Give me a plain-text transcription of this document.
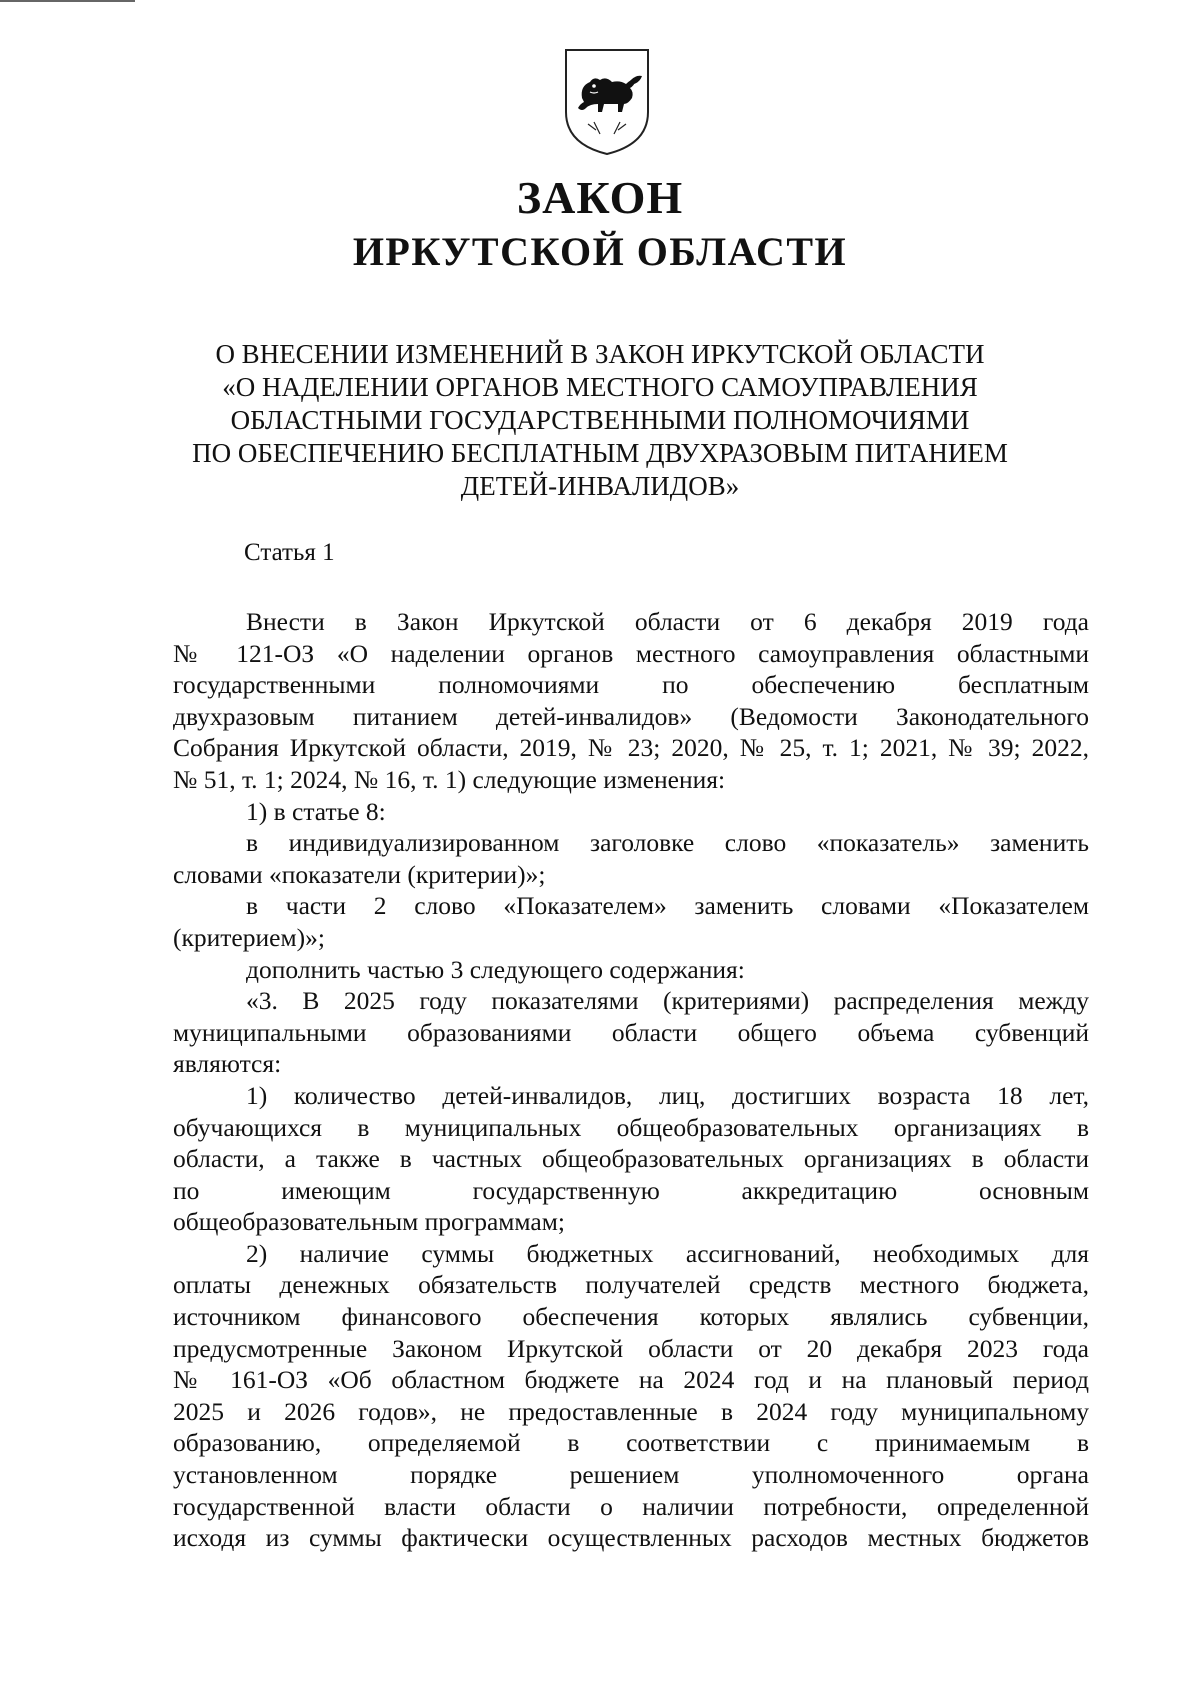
ЗАКОН
ИРКУТСКОЙ ОБЛАСТИ
О ВНЕСЕНИИ ИЗМЕНЕНИЙ В ЗАКОН ИРКУТСКОЙ ОБЛАСТИ
«О НАДЕЛЕНИИ ОРГАНОВ МЕСТНОГО САМОУПРАВЛЕНИЯ
ОБЛАСТНЫМИ ГОСУДАРСТВЕННЫМИ ПОЛНОМОЧИЯМИ
ПО ОБЕСПЕЧЕНИЮ БЕСПЛАТНЫМ ДВУХРАЗОВЫМ ПИТАНИЕМ
ДЕТЕЙ-ИНВАЛИДОВ»
Статья 1
Внести в Закон Иркутской области от 6 декабря 2019 года
№ 121-ОЗ «О наделении органов местного самоуправления областными
государственными полномочиями по обеспечению бесплатным
двухразовым питанием детей-инвалидов» (Ведомости Законодательного
Собрания Иркутской области, 2019, № 23; 2020, № 25, т. 1; 2021, № 39; 2022,
№ 51, т. 1; 2024, № 16, т. 1) следующие изменения:
1) в статье 8:
в индивидуализированном заголовке слово «показатель» заменить
словами «показатели (критерии)»;
в части 2 слово «Показателем» заменить словами «Показателем
(критерием)»;
дополнить частью 3 следующего содержания:
«3. В 2025 году показателями (критериями) распределения между
муниципальными образованиями области общего объема субвенций
являются:
1) количество детей-инвалидов, лиц, достигших возраста 18 лет,
обучающихся в муниципальных общеобразовательных организациях в
области, а также в частных общеобразовательных организациях в области
по имеющим государственную аккредитацию основным
общеобразовательным программам;
2) наличие суммы бюджетных ассигнований, необходимых для
оплаты денежных обязательств получателей средств местного бюджета,
источником финансового обеспечения которых являлись субвенции,
предусмотренные Законом Иркутской области от 20 декабря 2023 года
№ 161-ОЗ «Об областном бюджете на 2024 год и на плановый период
2025 и 2026 годов», не предоставленные в 2024 году муниципальному
образованию, определяемой в соответствии с принимаемым в
установленном порядке решением уполномоченного органа
государственной власти области о наличии потребности, определенной
исходя из суммы фактически осуществленных расходов местных бюджетов
